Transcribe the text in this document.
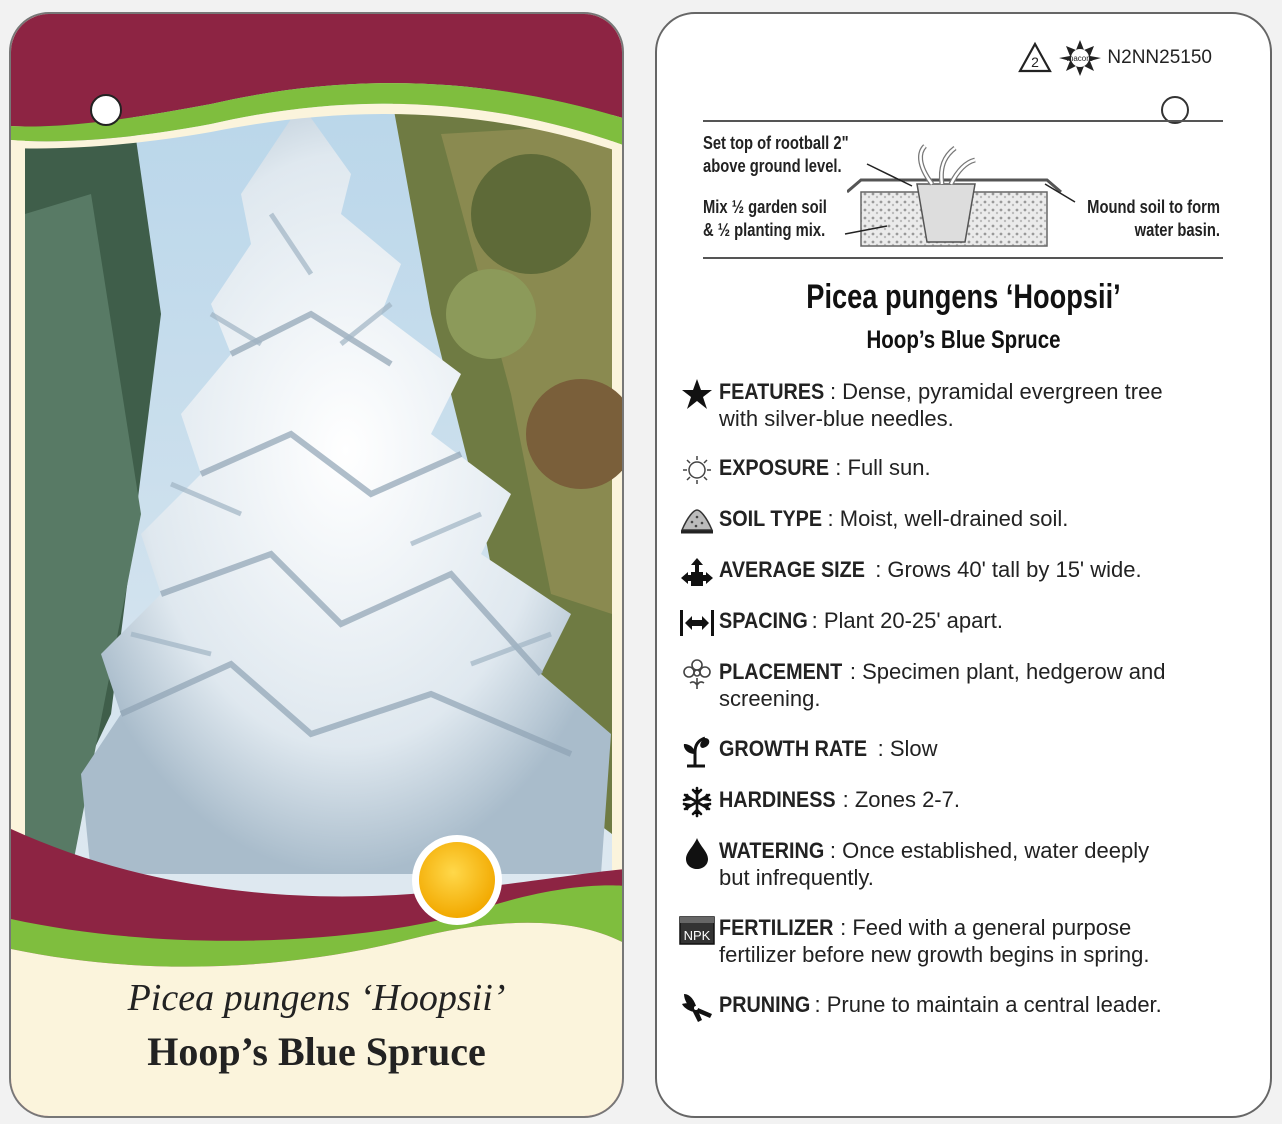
Picea pungens ‘Hoopsii’
Hoop’s Blue Spruce
2	macore N2NN25150
Set top of rootball 2"
above ground level.
Mix ½ garden soil
& ½ planting mix.
Mound soil to form
water basin.
Picea pungens ‘Hoopsii’
Hoop’s Blue Spruce
FEATURES : Dense, pyramidal evergreen tree
with silver-blue needles.
EXPOSURE : Full sun.
SOIL TYPE : Moist, well-drained soil.
AVERAGE SIZE : Grows 40' tall by 15' wide.
SPACING : Plant 20-25' apart.
PLACEMENT : Specimen plant, hedgerow and
screening.
GROWTH RATE : Slow
HARDINESS : Zones 2-7.
WATERING : Once established, water deeply
but infrequently.
NPK FERTILIZER : Feed with a general purpose
fertilizer before new growth begins in spring.
PRUNING : Prune to maintain a central leader.
